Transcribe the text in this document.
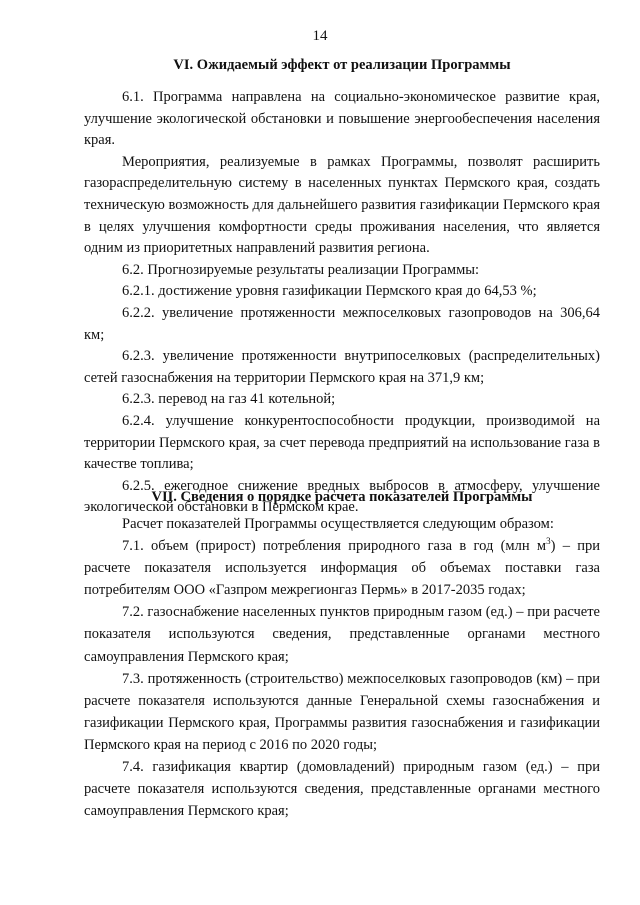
14
VI. Ожидаемый эффект от реализации Программы

6.1. Программа направлена на социально-экономическое развитие края, улучшение экологической обстановки и повышение энергообеспечения населения края.

Мероприятия, реализуемые в рамках Программы, позволят расширить газораспределительную систему в населенных пунктах Пермского края, создать техническую возможность для дальнейшего развития газификации Пермского края в целях улучшения комфортности среды проживания населения, что является одним из приоритетных направлений развития региона.

6.2. Прогнозируемые результаты реализации Программы:

6.2.1. достижение уровня газификации Пермского края до 64,53 %;

6.2.2. увеличение протяженности межпоселковых газопроводов на 306,64 км;

6.2.3. увеличение протяженности внутрипоселковых (распределительных) сетей газоснабжения на территории Пермского края на 371,9 км;

6.2.3. перевод на газ 41 котельной;

6.2.4. улучшение конкурентоспособности продукции, производимой на территории Пермского края, за счет перевода предприятий на использование газа в качестве топлива;

6.2.5. ежегодное снижение вредных выбросов в атмосферу, улучшение экологической обстановки в Пермском крае.

VII. Сведения о порядке расчета показателей Программы

Расчет показателей Программы осуществляется следующим образом:

7.1. объем (прирост) потребления природного газа в год (млн $м^3$) – при расчете показателя используется информация об объемах поставки газа потребителям ООО «Газпром межрегионгаз Пермь» в 2017-2035 годах;

7.2. газоснабжение населенных пунктов природным газом (ед.) – при расчете показателя используются сведения, представленные органами местного самоуправления Пермского края;

7.3. протяженность (строительство) межпоселковых газопроводов (км) – при расчете показателя используются данные Генеральной схемы газоснабжения и газификации Пермского края, Программы развития газоснабжения и газификации Пермского края на период с 2016 по 2020 годы;

7.4. газификация квартир (домовладений) природным газом (ед.) – при расчете показателя используются сведения, представленные органами местного самоуправления Пермского края;
